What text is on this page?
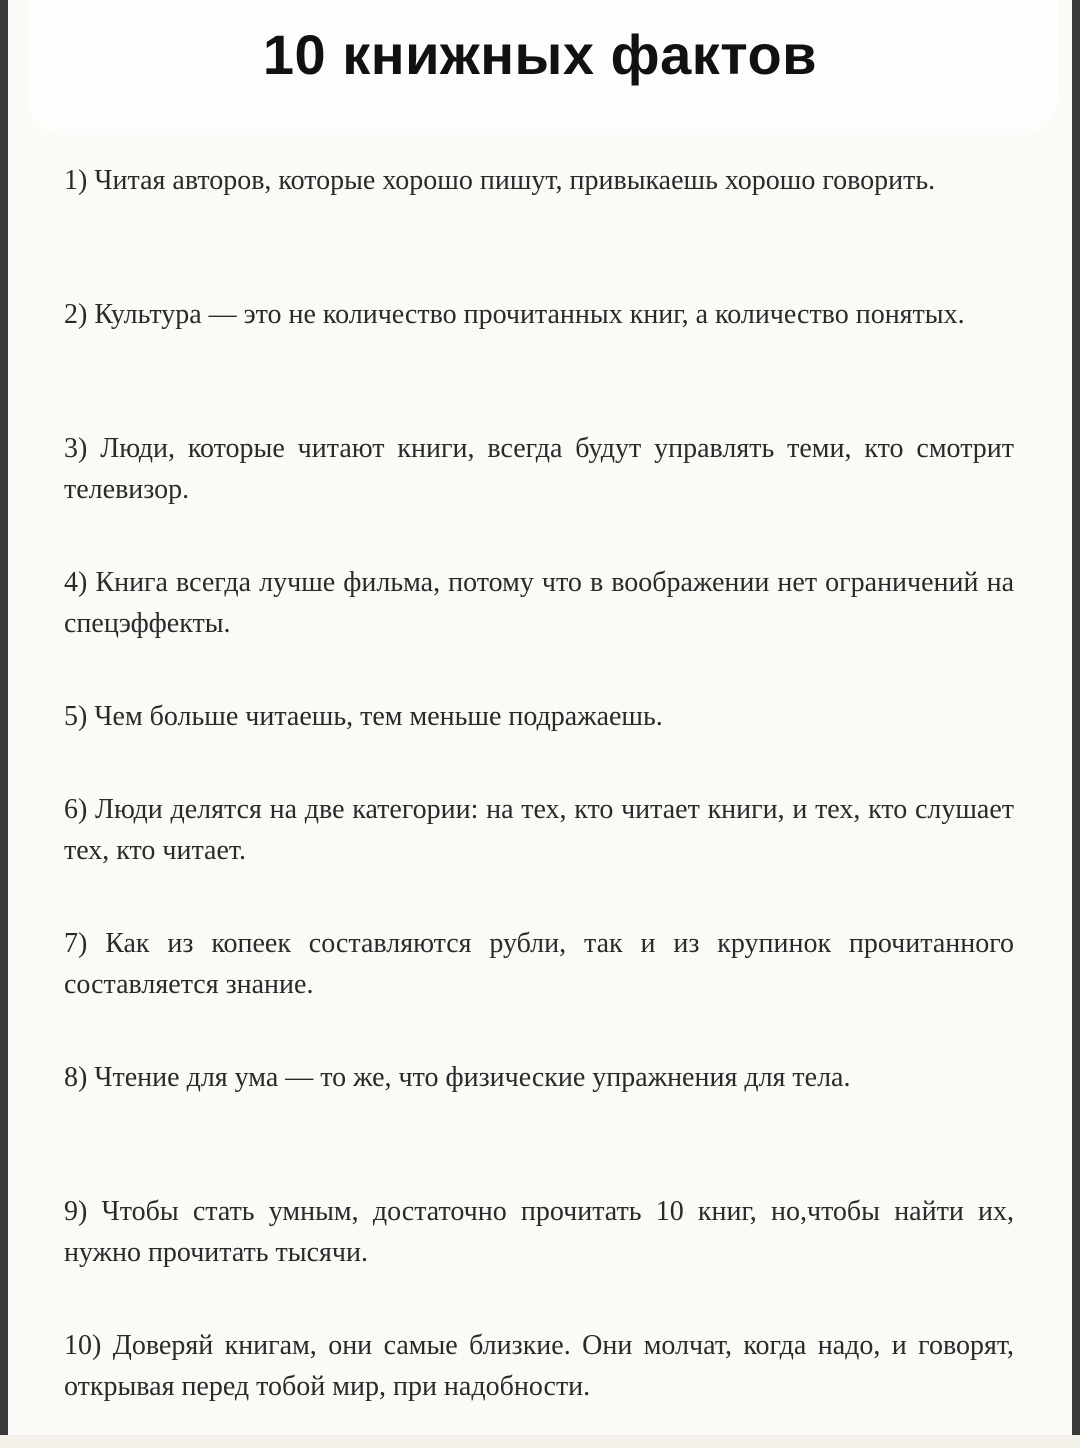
10 книжных фактов

1) Читая авторов, которые хорошо пишут, привыкаешь хорошо говорить.

2) Культура — это не количество прочитанных книг, а количество понятых.

3) Люди, которые читают книги, всегда будут управлять теми, кто смотрит телевизор.

4) Книга всегда лучше фильма, потому что в воображении нет ограничений на спецэффекты.

5) Чем больше читаешь, тем меньше подражаешь.

6) Люди делятся на две категории: на тех, кто читает книги, и тех, кто слушает тех, кто читает.

7) Как из копеек составляются рубли, так и из крупинок прочитанного составляется знание.

8) Чтение для ума — то же, что физические упражнения для тела.

9) Чтобы стать умным, достаточно прочитать 10 книг, но,чтобы найти их, нужно прочитать тысячи.

10) Доверяй книгам, они самые близкие. Они молчат, когда надо, и говорят, открывая перед тобой мир, при надобности.
